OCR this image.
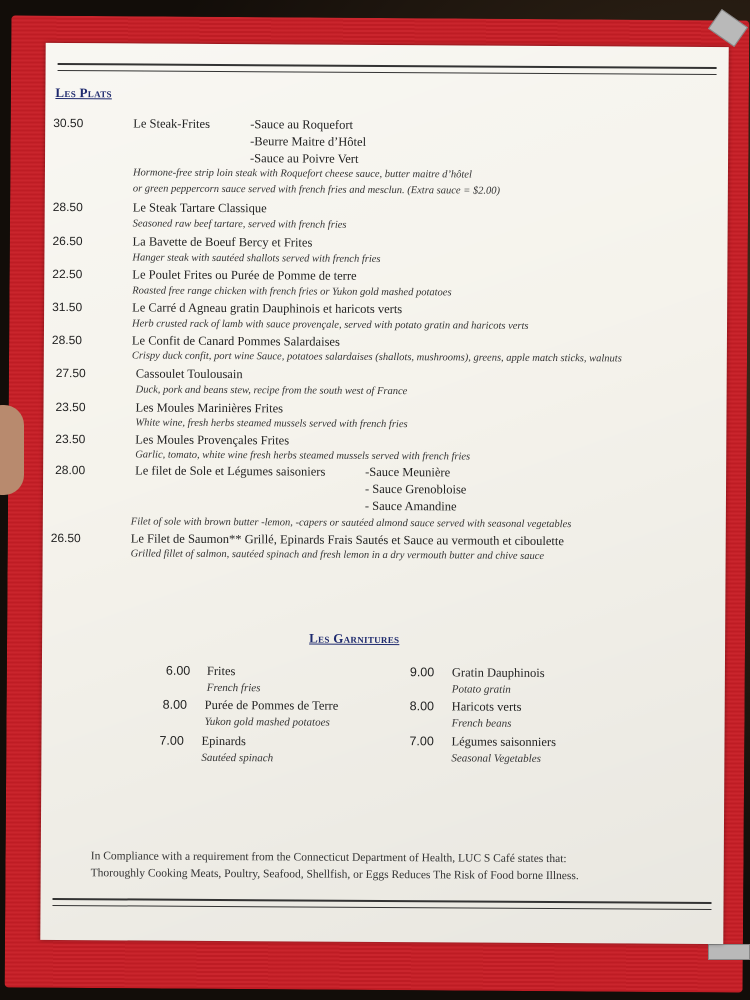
Les Plats
30.50	Le Steak-Frites	-Sauce au Roquefort
-Beurre Maitre d’Hôtel
-Sauce au Poivre Vert
Hormone-free strip loin steak with Roquefort cheese sauce, butter maitre d’hôtel
or green peppercorn sauce served with french fries and mesclun. (Extra sauce = $2.00)
28.50	Le Steak Tartare Classique
Seasoned raw beef tartare, served with french fries
26.50	La Bavette de Boeuf Bercy et Frites
Hanger steak with sautéed shallots served with french fries
22.50	Le Poulet Frites ou Purée de Pomme de terre
Roasted free range chicken with french fries or Yukon gold mashed potatoes
31.50	Le Carré d Agneau gratin Dauphinois et haricots verts
Herb crusted rack of lamb with sauce provençale, served with potato gratin and haricots verts
28.50	Le Confit de Canard Pommes Salardaises
Crispy duck confit, port wine Sauce, potatoes salardaises (shallots, mushrooms), greens, apple match sticks, walnuts
27.50	Cassoulet Toulousain
Duck, pork and beans stew, recipe from the south west of France
23.50	Les Moules Marinières Frites
White wine, fresh herbs steamed mussels served with french fries
23.50	Les Moules Provençales Frites
Garlic, tomato, white wine fresh herbs steamed mussels served with french fries
28.00	Le filet de Sole et Légumes saisoniers	-Sauce Meunière
- Sauce Grenobloise
- Sauce Amandine
Filet of sole with brown butter -lemon, -capers or sautéed almond sauce served with seasonal vegetables
26.50	Le Filet de Saumon** Grillé, Epinards Frais Sautés et Sauce au vermouth et ciboulette
Grilled fillet of salmon, sautéed spinach and fresh lemon in a dry vermouth butter and chive sauce
Les Garnitures
6.00 Frites
French fries
8.00 Purée de Pommes de Terre
Yukon gold mashed potatoes
7.00 Epinards
Sautéed spinach
9.00 Gratin Dauphinois
Potato gratin
8.00 Haricots verts
French beans
7.00 Légumes saisonniers
Seasonal Vegetables
In Compliance with a requirement from the Connecticut Department of Health, LUC S Café states that:
Thoroughly Cooking Meats, Poultry, Seafood, Shellfish, or Eggs Reduces The Risk of Food borne Illness.
